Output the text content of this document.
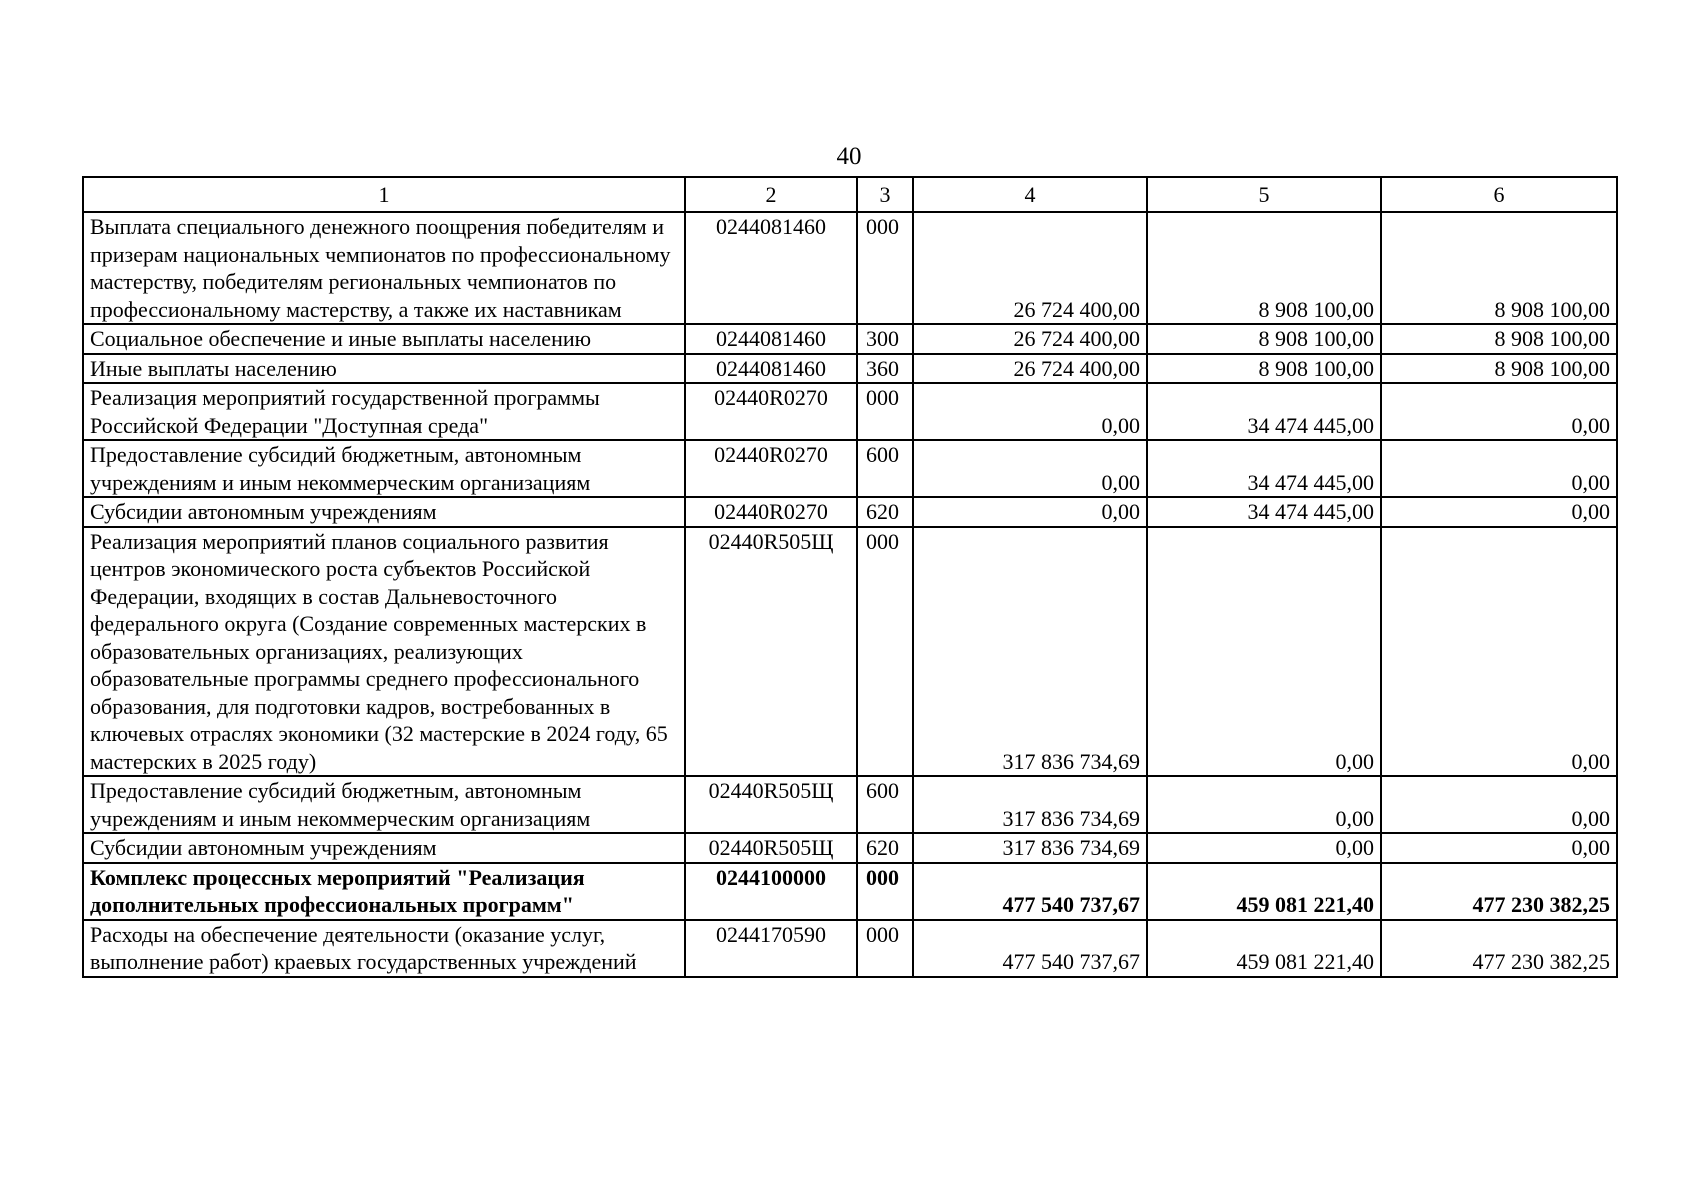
40
1	2	3	4	5	6
Выплата специального денежного поощрения победителям и призерам национальных чемпионатов по профессиональному мастерству, победителям региональных чемпионатов по профессиональному мастерству, а также их наставникам	0244081460	000	26 724 400,00	8 908 100,00	8 908 100,00
Социальное обеспечение и иные выплаты населению	0244081460	300	26 724 400,00	8 908 100,00	8 908 100,00
Иные выплаты населению	0244081460	360	26 724 400,00	8 908 100,00	8 908 100,00
Реализация мероприятий государственной программы Российской Федерации "Доступная среда"	02440R0270	000	0,00	34 474 445,00	0,00
Предоставление субсидий бюджетным, автономным учреждениям и иным некоммерческим организациям	02440R0270	600	0,00	34 474 445,00	0,00
Субсидии автономным учреждениям	02440R0270	620	0,00	34 474 445,00	0,00
Реализация мероприятий планов социального развития центров экономического роста субъектов Российской Федерации, входящих в состав Дальневосточного федерального округа (Создание современных мастерских в образовательных организациях, реализующих образовательные программы среднего профессионального образования, для подготовки кадров, востребованных в ключевых отраслях экономики (32 мастерские в 2024 году, 65 мастерских в 2025 году)	02440R505Щ	000	317 836 734,69	0,00	0,00
Предоставление субсидий бюджетным, автономным учреждениям и иным некоммерческим организациям	02440R505Щ	600	317 836 734,69	0,00	0,00
Субсидии автономным учреждениям	02440R505Щ	620	317 836 734,69	0,00	0,00
Комплекс процессных мероприятий "Реализация дополнительных профессиональных программ"	0244100000	000	477 540 737,67	459 081 221,40	477 230 382,25
Расходы на обеспечение деятельности (оказание услуг, выполнение работ) краевых государственных учреждений	0244170590	000	477 540 737,67	459 081 221,40	477 230 382,25
